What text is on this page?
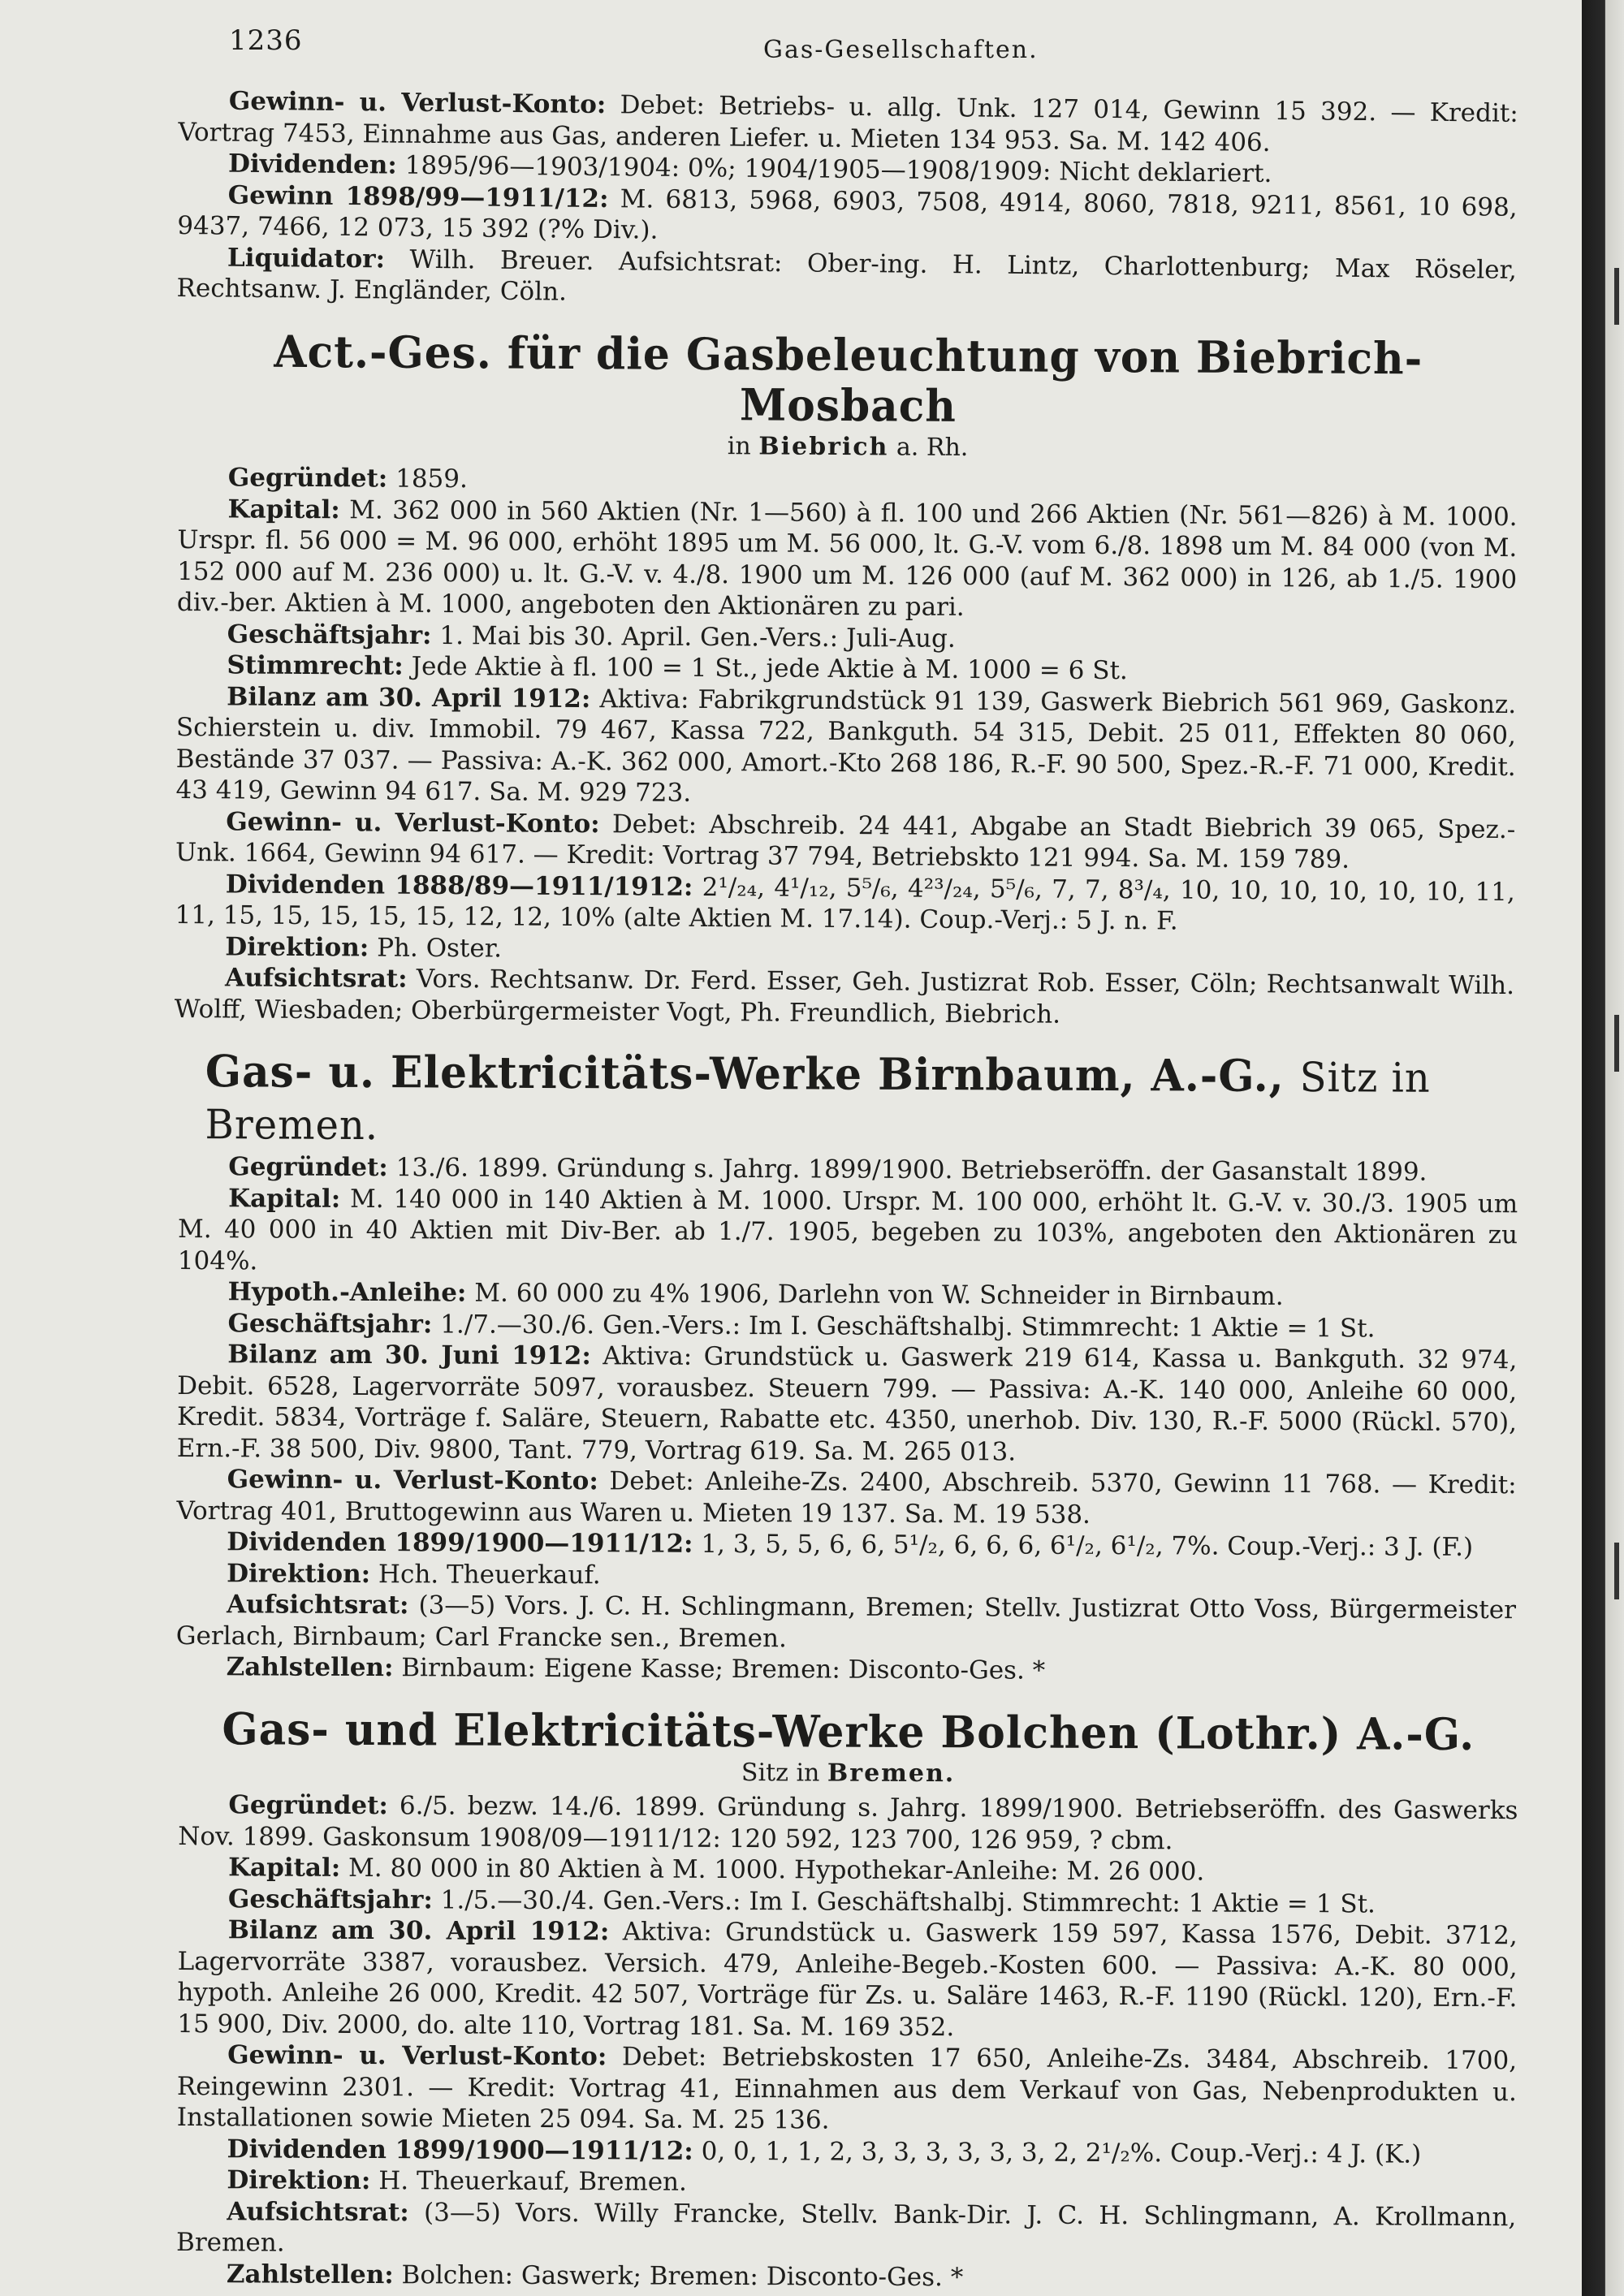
1236	Gas-Gesellschaften.

Gewinn- u. Verlust-Konto: Debet: Betriebs- u. allg. Unk. 127 014, Gewinn 15 392. — Kredit: Vortrag 7453, Einnahme aus Gas, anderen Liefer. u. Mieten 134 953. Sa. M. 142 406.

Dividenden: 1895/96—1903/1904: 0%; 1904/1905—1908/1909: Nicht deklariert.

Gewinn 1898/99—1911/12: M. 6813, 5968, 6903, 7508, 4914, 8060, 7818, 9211, 8561, 10 698, 9437, 7466, 12 073, 15 392 (?% Div.).

Liquidator: Wilh. Breuer. Aufsichtsrat: Ober-ing. H. Lintz, Charlottenburg; Max Röseler, Rechtsanw. J. Engländer, Cöln.

Act.-Ges. für die Gasbeleuchtung von Biebrich-Mosbach
in Biebrich a. Rh.

Gegründet: 1859.

Kapital: M. 362 000 in 560 Aktien (Nr. 1—560) à fl. 100 und 266 Aktien (Nr. 561—826) à M. 1000. Urspr. fl. 56 000 = M. 96 000, erhöht 1895 um M. 56 000, lt. G.-V. vom 6./8. 1898 um M. 84 000 (von M. 152 000 auf M. 236 000) u. lt. G.-V. v. 4./8. 1900 um M. 126 000 (auf M. 362 000) in 126, ab 1./5. 1900 div.-ber. Aktien à M. 1000, angeboten den Aktionären zu pari.

Geschäftsjahr: 1. Mai bis 30. April. Gen.-Vers.: Juli-Aug.

Stimmrecht: Jede Aktie à fl. 100 = 1 St., jede Aktie à M. 1000 = 6 St.

Bilanz am 30. April 1912: Aktiva: Fabrikgrundstück 91 139, Gaswerk Biebrich 561 969, Gaskonz. Schierstein u. div. Immobil. 79 467, Kassa 722, Bankguth. 54 315, Debit. 25 011, Effekten 80 060, Bestände 37 037. — Passiva: A.-K. 362 000, Amort.-Kto 268 186, R.-F. 90 500, Spez.-R.-F. 71 000, Kredit. 43 419, Gewinn 94 617. Sa. M. 929 723.

Gewinn- u. Verlust-Konto: Debet: Abschreib. 24 441, Abgabe an Stadt Biebrich 39 065, Spez.-Unk. 1664, Gewinn 94 617. — Kredit: Vortrag 37 794, Betriebskto 121 994. Sa. M. 159 789.

Dividenden 1888/89—1911/1912: 2¹/₂₄, 4¹/₁₂, 5⁵/₆, 4²³/₂₄, 5⁵/₆, 7, 7, 8³/₄, 10, 10, 10, 10, 10, 10, 11, 11, 15, 15, 15, 15, 15, 12, 12, 10% (alte Aktien M. 17.14). Coup.-Verj.: 5 J. n. F.

Direktion: Ph. Oster.

Aufsichtsrat: Vors. Rechtsanw. Dr. Ferd. Esser, Geh. Justizrat Rob. Esser, Cöln; Rechtsanwalt Wilh. Wolff, Wiesbaden; Oberbürgermeister Vogt, Ph. Freundlich, Biebrich.

Gas- u. Elektricitäts-Werke Birnbaum, A.-G., Sitz in Bremen.

Gegründet: 13./6. 1899. Gründung s. Jahrg. 1899/1900. Betriebseröffn. der Gasanstalt 1899.

Kapital: M. 140 000 in 140 Aktien à M. 1000. Urspr. M. 100 000, erhöht lt. G.-V. v. 30./3. 1905 um M. 40 000 in 40 Aktien mit Div-Ber. ab 1./7. 1905, begeben zu 103%, angeboten den Aktionären zu 104%.

Hypoth.-Anleihe: M. 60 000 zu 4% 1906, Darlehn von W. Schneider in Birnbaum.

Geschäftsjahr: 1./7.—30./6. Gen.-Vers.: Im I. Geschäftshalbj. Stimmrecht: 1 Aktie = 1 St.

Bilanz am 30. Juni 1912: Aktiva: Grundstück u. Gaswerk 219 614, Kassa u. Bankguth. 32 974, Debit. 6528, Lagervorräte 5097, vorausbez. Steuern 799. — Passiva: A.-K. 140 000, Anleihe 60 000, Kredit. 5834, Vorträge f. Saläre, Steuern, Rabatte etc. 4350, unerhob. Div. 130, R.-F. 5000 (Rückl. 570), Ern.-F. 38 500, Div. 9800, Tant. 779, Vortrag 619. Sa. M. 265 013.

Gewinn- u. Verlust-Konto: Debet: Anleihe-Zs. 2400, Abschreib. 5370, Gewinn 11 768. — Kredit: Vortrag 401, Bruttogewinn aus Waren u. Mieten 19 137. Sa. M. 19 538.

Dividenden 1899/1900—1911/12: 1, 3, 5, 5, 6, 6, 5¹/₂, 6, 6, 6, 6¹/₂, 6¹/₂, 7%. Coup.-Verj.: 3 J. (F.)

Direktion: Hch. Theuerkauf.

Aufsichtsrat: (3—5) Vors. J. C. H. Schlingmann, Bremen; Stellv. Justizrat Otto Voss, Bürgermeister Gerlach, Birnbaum; Carl Francke sen., Bremen.

Zahlstellen: Birnbaum: Eigene Kasse; Bremen: Disconto-Ges. *

Gas- und Elektricitäts-Werke Bolchen (Lothr.) A.-G.
Sitz in Bremen.

Gegründet: 6./5. bezw. 14./6. 1899. Gründung s. Jahrg. 1899/1900. Betriebseröffn. des Gaswerks Nov. 1899. Gaskonsum 1908/09—1911/12: 120 592, 123 700, 126 959, ? cbm.

Kapital: M. 80 000 in 80 Aktien à M. 1000. Hypothekar-Anleihe: M. 26 000.

Geschäftsjahr: 1./5.—30./4. Gen.-Vers.: Im I. Geschäftshalbj. Stimmrecht: 1 Aktie = 1 St.

Bilanz am 30. April 1912: Aktiva: Grundstück u. Gaswerk 159 597, Kassa 1576, Debit. 3712, Lagervorräte 3387, vorausbez. Versich. 479, Anleihe-Begeb.-Kosten 600. — Passiva: A.-K. 80 000, hypoth. Anleihe 26 000, Kredit. 42 507, Vorträge für Zs. u. Saläre 1463, R.-F. 1190 (Rückl. 120), Ern.-F. 15 900, Div. 2000, do. alte 110, Vortrag 181. Sa. M. 169 352.

Gewinn- u. Verlust-Konto: Debet: Betriebskosten 17 650, Anleihe-Zs. 3484, Abschreib. 1700, Reingewinn 2301. — Kredit: Vortrag 41, Einnahmen aus dem Verkauf von Gas, Nebenprodukten u. Installationen sowie Mieten 25 094. Sa. M. 25 136.

Dividenden 1899/1900—1911/12: 0, 0, 1, 1, 2, 3, 3, 3, 3, 3, 3, 2, 2¹/₂%. Coup.-Verj.: 4 J. (K.)

Direktion: H. Theuerkauf, Bremen.

Aufsichtsrat: (3—5) Vors. Willy Francke, Stellv. Bank-Dir. J. C. H. Schlingmann, A. Krollmann, Bremen.

Zahlstellen: Bolchen: Gaswerk; Bremen: Disconto-Ges. *
